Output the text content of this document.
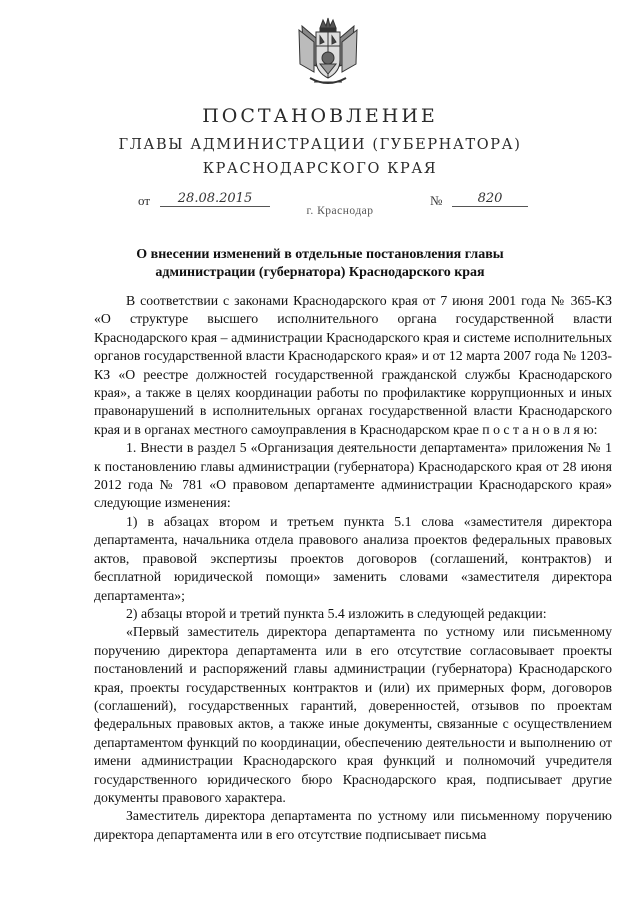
ПОСТАНОВЛЕНИЕ
ГЛАВЫ АДМИНИСТРАЦИИ (ГУБЕРНАТОРА)
КРАСНОДАРСКОГО КРАЯ
от	28.08.2015	№	820
г. Краснодар
О внесении изменений в отдельные постановления главы администрации (губернатора) Краснодарского края

В соответствии с законами Краснодарского края от 7 июня 2001 года № 365-КЗ «О структуре высшего исполнительного органа государственной власти Краснодарского края – администрации Краснодарского края и системе исполнительных органов государственной власти Краснодарского края» и от 12 марта 2007 года № 1203-КЗ «О реестре должностей государственной гражданской службы Краснодарского края», а также в целях координации работы по профилактике коррупционных и иных правонарушений в исполнительных органах государственной власти Краснодарского края и в органах местного самоуправления в Краснодарском крае п о с т а н о в л я ю:

1. Внести в раздел 5 «Организация деятельности департамента» приложения № 1 к постановлению главы администрации (губернатора) Краснодарского края от 28 июня 2012 года № 781 «О правовом департаменте администрации Краснодарского края» следующие изменения:

1) в абзацах втором и третьем пункта 5.1 слова «заместителя директора департамента, начальника отдела правового анализа проектов федеральных правовых актов, правовой экспертизы проектов договоров (соглашений, контрактов) и бесплатной юридической помощи» заменить словами «заместителя директора департамента»;

2) абзацы второй и третий пункта 5.4 изложить в следующей редакции:

«Первый заместитель директора департамента по устному или письменному поручению директора департамента или в его отсутствие согласовывает проекты постановлений и распоряжений главы администрации (губернатора) Краснодарского края, проекты государственных контрактов и (или) их примерных форм, договоров (соглашений), государственных гарантий, доверенностей, отзывов по проектам федеральных правовых актов, а также иные документы, связанные с осуществлением департаментом функций по координации, обеспечению деятельности и выполнению от имени администрации Краснодарского края функций и полномочий учредителя государственного юридического бюро Краснодарского края, подписывает другие документы правового характера.

Заместитель директора департамента по устному или письменному поручению директора департамента или в его отсутствие подписывает письма
